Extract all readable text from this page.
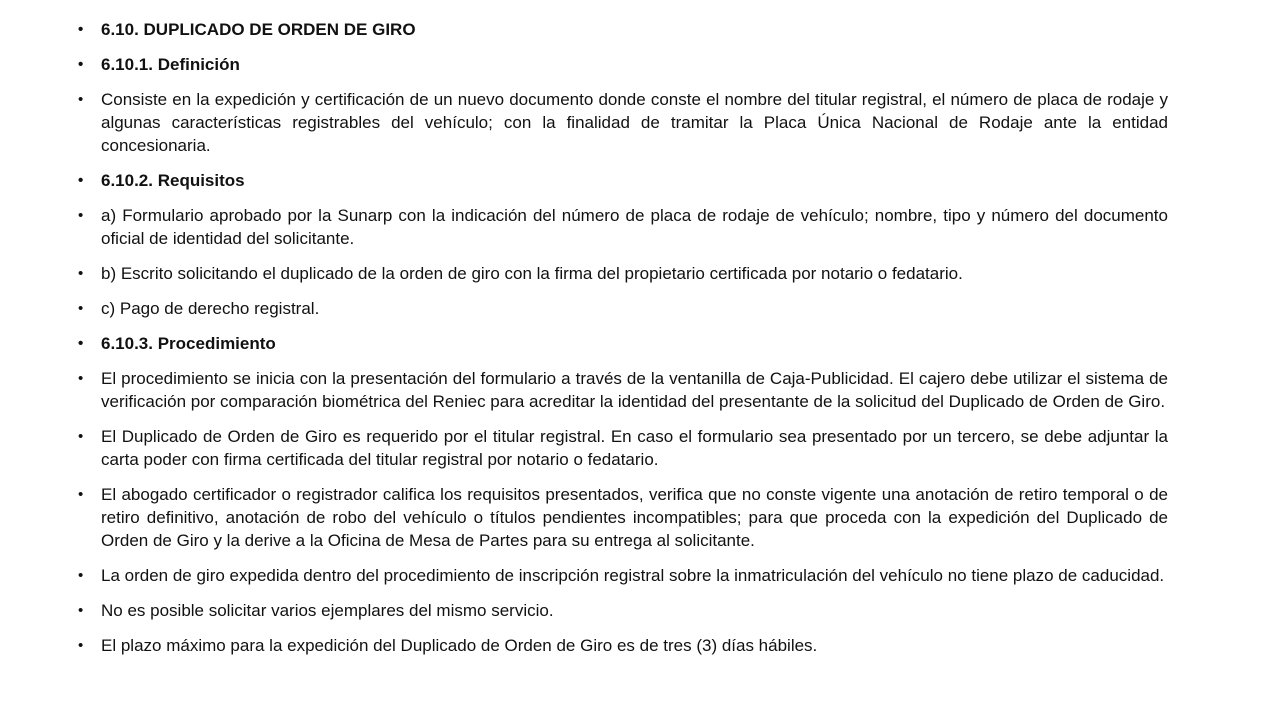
• 6.10. DUPLICADO DE ORDEN DE GIRO
• 6.10.1. Definición
• Consiste en la expedición y certificación de un nuevo documento donde conste el nombre del titular registral, el número de placa de rodaje y algunas características registrables del vehículo; con la finalidad de tramitar la Placa Única Nacional de Rodaje ante la entidad concesionaria.
• 6.10.2. Requisitos
• a) Formulario aprobado por la Sunarp con la indicación del número de placa de rodaje de vehículo; nombre, tipo y número del documento oficial de identidad del solicitante.
• b) Escrito solicitando el duplicado de la orden de giro con la firma del propietario certificada por notario o fedatario.
• c) Pago de derecho registral.
• 6.10.3. Procedimiento
• El procedimiento se inicia con la presentación del formulario a través de la ventanilla de Caja-Publicidad. El cajero debe utilizar el sistema de verificación por comparación biométrica del Reniec para acreditar la identidad del presentante de la solicitud del Duplicado de Orden de Giro.
• El Duplicado de Orden de Giro es requerido por el titular registral. En caso el formulario sea presentado por un tercero, se debe adjuntar la carta poder con firma certificada del titular registral por notario o fedatario.
• El abogado certificador o registrador califica los requisitos presentados, verifica que no conste vigente una anotación de retiro temporal o de retiro definitivo, anotación de robo del vehículo o títulos pendientes incompatibles; para que proceda con la expedición del Duplicado de Orden de Giro y la derive a la Oficina de Mesa de Partes para su entrega al solicitante.
• La orden de giro expedida dentro del procedimiento de inscripción registral sobre la inmatriculación del vehículo no tiene plazo de caducidad.
• No es posible solicitar varios ejemplares del mismo servicio.
• El plazo máximo para la expedición del Duplicado de Orden de Giro es de tres (3) días hábiles.
